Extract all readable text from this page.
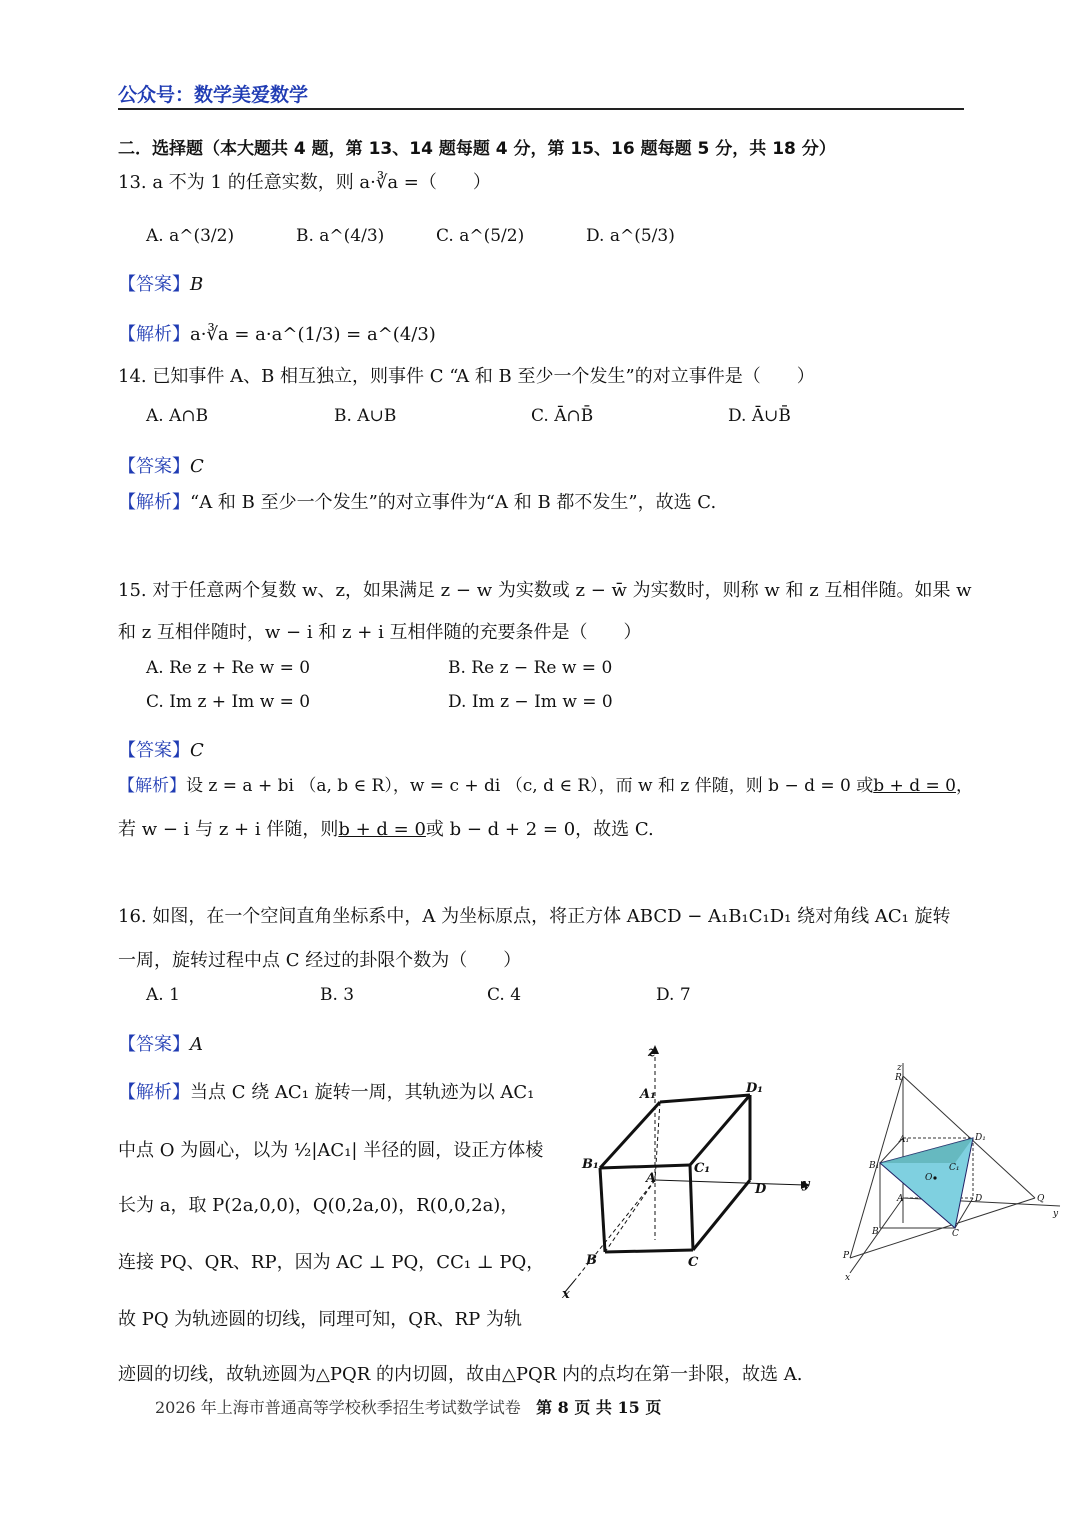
公众号：数学美爱数学
二．选择题（本大题共 4 题，第 13、14 题每题 4 分，第 15、16 题每题 5 分，共 18 分）
13. a 不为 1 的任意实数，则 a·∛a =（　　）
A. a^(3/2)	B. a^(4/3)	C. a^(5/2)	D. a^(5/3)
【答案】B
【解析】a·∛a = a·a^(1/3) = a^(4/3)
14. 已知事件 A、B 相互独立，则事件 C “A 和 B 至少一个发生”的对立事件是（　　）
A. A∩B	B. A∪B	C. Ā∩B̄	D. Ā∪B̄
【答案】C
【解析】“A 和 B 至少一个发生”的对立事件为“A 和 B 都不发生”，故选 C.
15. 对于任意两个复数 w、z，如果满足 z − w 为实数或 z − w̄ 为实数时，则称 w 和 z 互相伴随。如果 w
和 z 互相伴随时，w − i 和 z + i 互相伴随的充要条件是（　　）
A. Re z + Re w = 0	B. Re z − Re w = 0
C. Im z + Im w = 0	D. Im z − Im w = 0
【答案】C
【解析】设 z = a + bi （a, b ∈ R），w = c + di （c, d ∈ R），而 w 和 z 伴随，则 b − d = 0 或b + d = 0，
若 w − i 与 z + i 伴随，则b + d = 0或 b − d + 2 = 0，故选 C.
16. 如图，在一个空间直角坐标系中，A 为坐标原点，将正方体 ABCD − A₁B₁C₁D₁ 绕对角线 AC₁ 旋转
一周，旋转过程中点 C 经过的卦限个数为（　　）
A. 1	B. 3	C. 4	D. 7
【答案】A
【解析】当点 C 绕 AC₁ 旋转一周，其轨迹为以 AC₁
中点 O 为圆心，以为 ½|AC₁| 半径的圆，设正方体棱
长为 a，取 P(2a,0,0)，Q(0,2a,0)，R(0,0,2a)，
连接 PQ、QR、RP，因为 AC ⊥ PQ，CC₁ ⊥ PQ，
故 PQ 为轨迹圆的切线，同理可知，QR、RP 为轨
迹圆的切线，故轨迹圆为△PQR 的内切圆，故由△PQR 内的点均在第一卦限，故选 A.
z
A₁	D₁
B₁
A
C₁
D	y
B	C
x
z
R
A₁	D₁
B₁	C₁
O
A	D	Q
y
B	C
P
x
2026 年上海市普通高等学校秋季招生考试数学试卷 第 8 页 共 15 页
